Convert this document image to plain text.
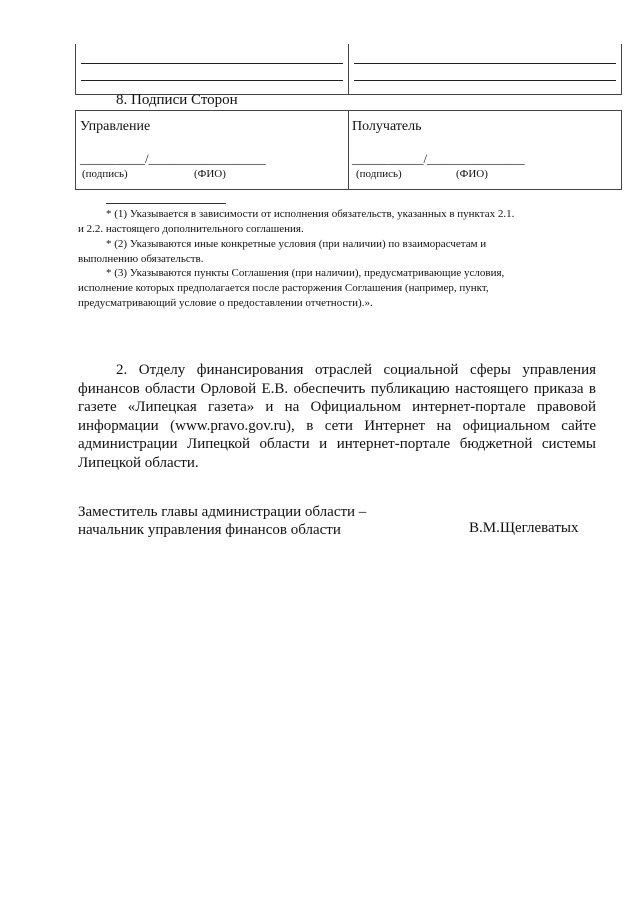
8. Подписи Сторон
Управление
__________/__________________
(подпись)	(ФИО)
Получатель
___________/_______________
(подпись)	(ФИО)
* (1) Указывается в зависимости от исполнения обязательств, указанных в пунктах 2.1.
и 2.2. настоящего дополнительного соглашения.
* (2) Указываются иные конкретные условия (при наличии) по взаиморасчетам и
выполнению обязательств.
* (3) Указываются пункты Соглашения (при наличии), предусматривающие условия,
исполнение которых предполагается после расторжения Соглашения (например, пункт,
предусматривающий условие о предоставлении отчетности).».
2. Отделу финансирования отраслей социальной сферы управления финансов области Орловой Е.В. обеспечить публикацию настоящего приказа в газете «Липецкая газета» и на Официальном интернет-портале правовой информации (www.pravo.gov.ru), в сети Интернет на официальном сайте администрации Липецкой области и интернет-портале бюджетной системы Липецкой области.
Заместитель главы администрации области –
начальник управления финансов области	В.М.Щеглеватых
